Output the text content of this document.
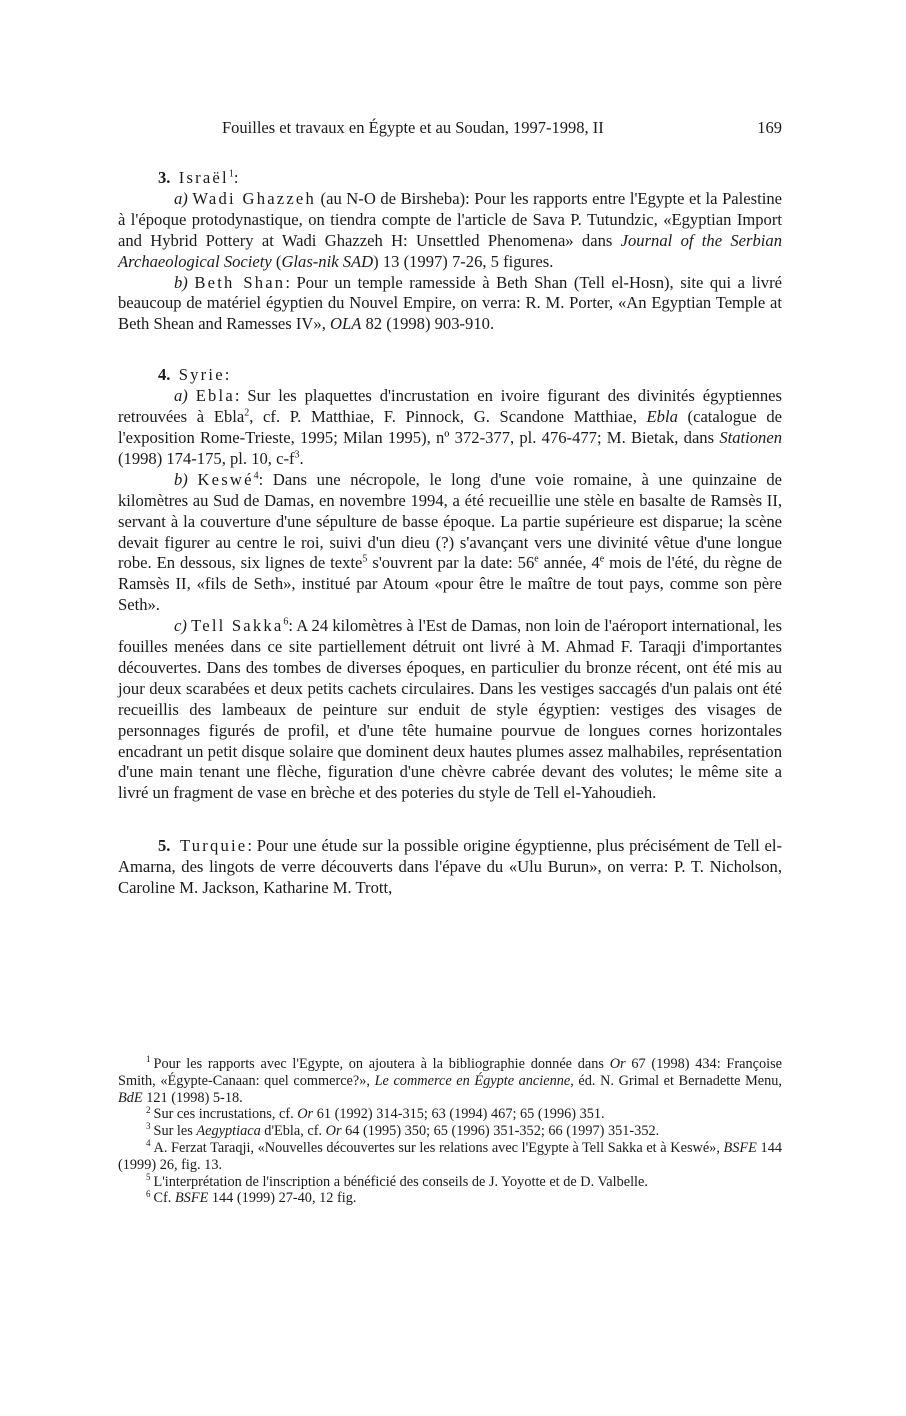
Fouilles et travaux en Égypte et au Soudan, 1997-1998, II	169

3. Israël$^1$:

a) Wadi Ghazzeh (au N-O de Birsheba): Pour les rapports entre l'Egypte et la Palestine à l'époque protodynastique, on tiendra compte de l'article de Sava P. Tutundzic, «Egyptian Import and Hybrid Pottery at Wadi Ghazzeh H: Unsettled Phenomena» dans Journal of the Serbian Archaeological Society (Glas-nik SAD) 13 (1997) 7-26, 5 figures.

b) Beth Shan: Pour un temple ramesside à Beth Shan (Tell el-Hosn), site qui a livré beaucoup de matériel égyptien du Nouvel Empire, on verra: R. M. Porter, «An Egyptian Temple at Beth Shean and Ramesses IV», OLA 82 (1998) 903-910.

4. Syrie:

a) Ebla: Sur les plaquettes d'incrustation en ivoire figurant des divinités égyptiennes retrouvées à Ebla$^2$, cf. P. Matthiae, F. Pinnock, G. Scandone Matthiae, Ebla (catalogue de l'exposition Rome-Trieste, 1995; Milan 1995), nº 372-377, pl. 476-477; M. Bietak, dans Stationen (1998) 174-175, pl. 10, c-f$^3$.

b) Keswé$^4$: Dans une nécropole, le long d'une voie romaine, à une quinzaine de kilomètres au Sud de Damas, en novembre 1994, a été recueillie une stèle en basalte de Ramsès II, servant à la couverture d'une sépulture de basse époque. La partie supérieure est disparue; la scène devait figurer au centre le roi, suivi d'un dieu (?) s'avançant vers une divinité vêtue d'une longue robe. En dessous, six lignes de texte$^5$ s'ouvrent par la date: 56e année, 4e mois de l'été, du règne de Ramsès II, «fils de Seth», institué par Atoum «pour être le maître de tout pays, comme son père Seth».

c) Tell Sakka$^6$: A 24 kilomètres à l'Est de Damas, non loin de l'aéroport international, les fouilles menées dans ce site partiellement détruit ont livré à M. Ahmad F. Taraqji d'importantes découvertes. Dans des tombes de diverses époques, en particulier du bronze récent, ont été mis au jour deux scarabées et deux petits cachets circulaires. Dans les vestiges saccagés d'un palais ont été recueillis des lambeaux de peinture sur enduit de style égyptien: vestiges des visages de personnages figurés de profil, et d'une tête humaine pourvue de longues cornes horizontales encadrant un petit disque solaire que dominent deux hautes plumes assez malhabiles, représentation d'une main tenant une flèche, figuration d'une chèvre cabrée devant des volutes; le même site a livré un fragment de vase en brèche et des poteries du style de Tell el-Yahoudieh.

5. Turquie: Pour une étude sur la possible origine égyptienne, plus précisément de Tell el-Amarna, des lingots de verre découverts dans l'épave du «Ulu Burun», on verra: P. T. Nicholson, Caroline M. Jackson, Katharine M. Trott,

$^1$ Pour les rapports avec l'Egypte, on ajoutera à la bibliographie donnée dans Or 67 (1998) 434: Françoise Smith, «Égypte-Canaan: quel commerce?», Le commerce en Égypte ancienne, éd. N. Grimal et Bernadette Menu, BdE 121 (1998) 5-18.

$^2$ Sur ces incrustations, cf. Or 61 (1992) 314-315; 63 (1994) 467; 65 (1996) 351.

$^3$ Sur les Aegyptiaca d'Ebla, cf. Or 64 (1995) 350; 65 (1996) 351-352; 66 (1997) 351-352.

$^4$ A. Ferzat Taraqji, «Nouvelles découvertes sur les relations avec l'Egypte à Tell Sakka et à Keswé», BSFE 144 (1999) 26, fig. 13.

$^5$ L'interprétation de l'inscription a bénéficié des conseils de J. Yoyotte et de D. Valbelle.

$^6$ Cf. BSFE 144 (1999) 27-40, 12 fig.
